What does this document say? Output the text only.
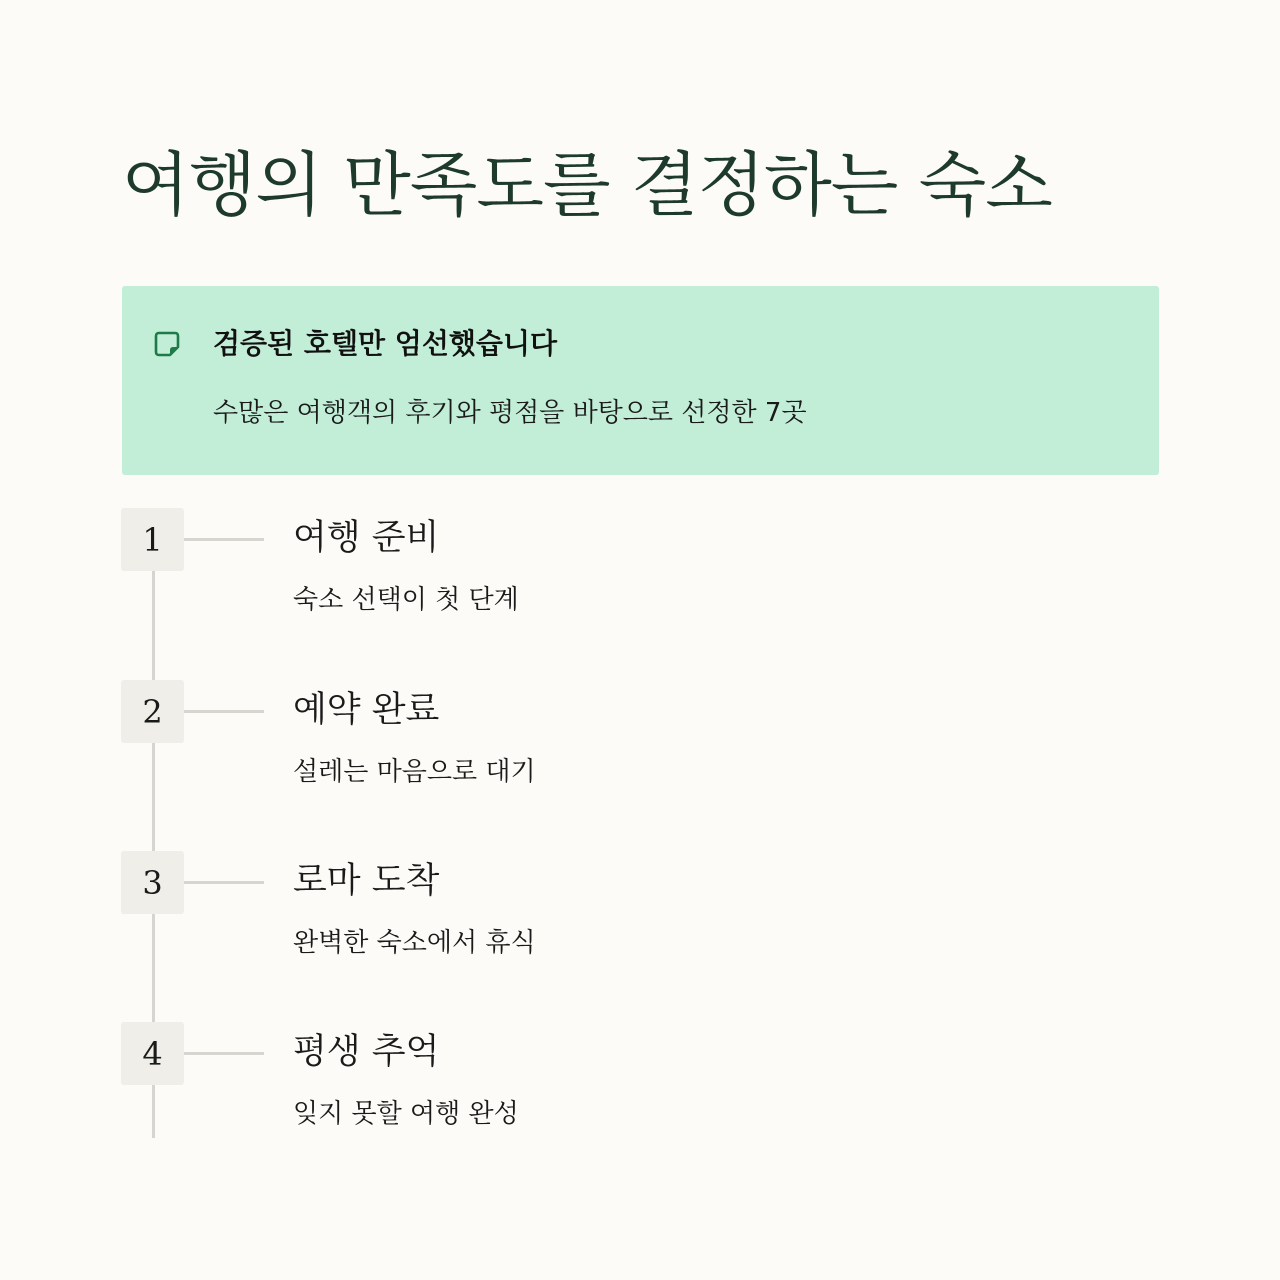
여행의 만족도를 결정하는 숙소
검증된 호텔만 엄선했습니다
수많은 여행객의 후기와 평점을 바탕으로 선정한 7곳
1	여행 준비
숙소 선택이 첫 단계
2	예약 완료
설레는 마음으로 대기
3	로마 도착
완벽한 숙소에서 휴식
4	평생 추억
잊지 못할 여행 완성
